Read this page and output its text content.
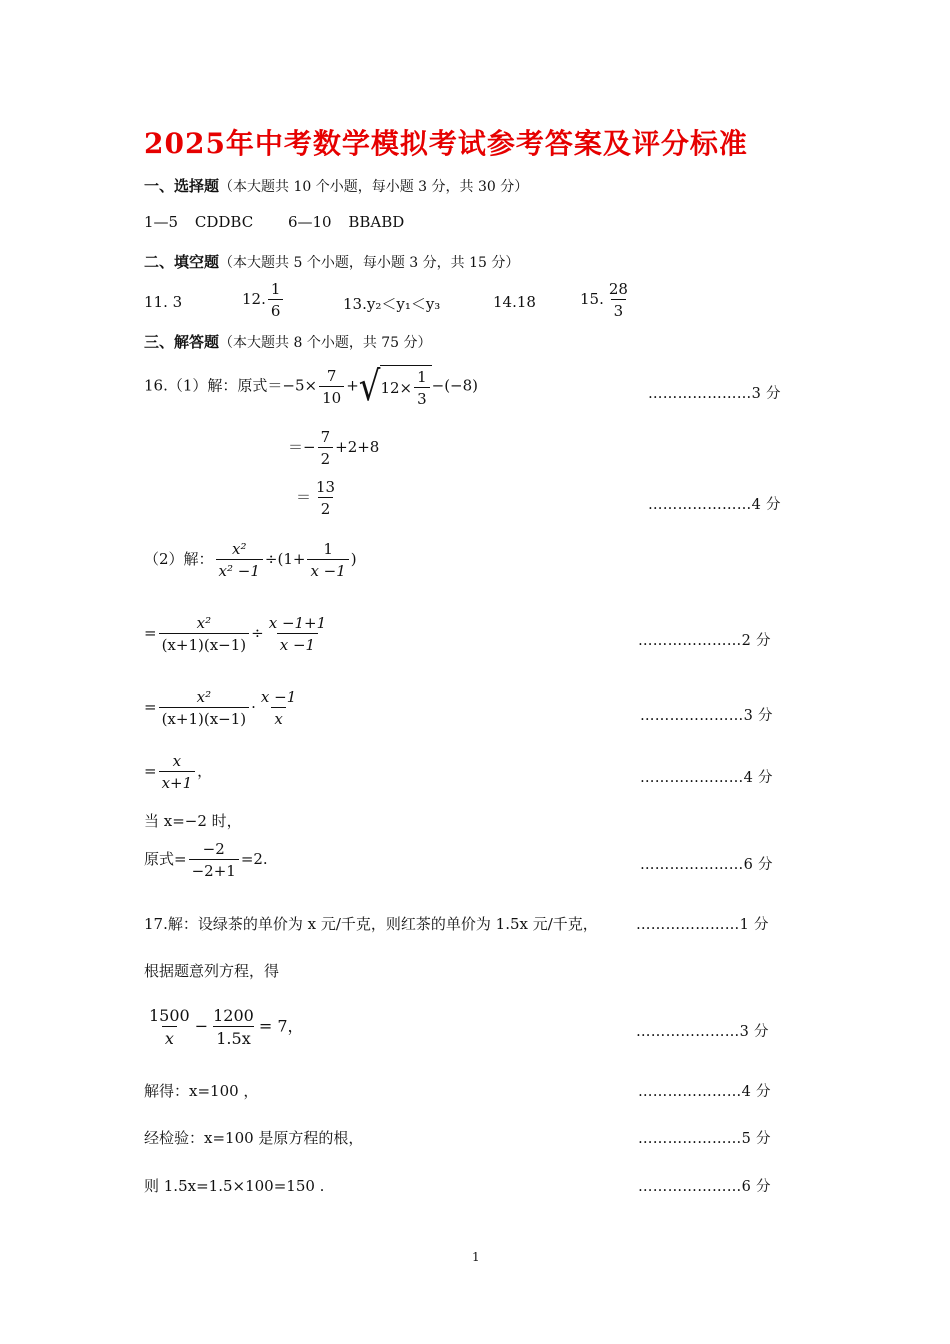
2025年中考数学模拟考试参考答案及评分标准
一、选择题（本大题共 10 个小题，每小题 3 分，共 30 分）
1—5 CDDBC 6—10 BBABD
二、填空题（本大题共 5 个小题，每小题 3 分，共 15 分）
11. 3	12. $\frac{1}{6}$	13.y₂＜y₁＜y₃	14.18	15. $\frac{28}{3}$
三、解答题（本大题共 8 个小题，共 75 分）
16.（1）解：原式$=-5\times \frac{7}{10}$ + √ $12\times \frac{1}{3} -(-8)$	…………………3 分
＝− $\frac{7}{2} +2+8$
＝ $\frac{13}{2}$	…………………4 分
（2）解： $\frac{\text{x²}}{\text{x² −1}} \div(1+ \frac{1}{x -1}$ )
= $\frac{\text{x²}}{(x+1)(x-1)} \div \frac{x -1+1}{x -1}$	…………………2 分
= $\frac{\text{x²}}{(x+1)(x-1)} \cdot \frac{x -1}{x}$	…………………3 分
= $\frac{x}{x+1}$ ，	…………………4 分
当 x=−2 时，
原式= $\frac{-2}{-2+1} =2$.	…………………6 分
17.解：设绿茶的单价为 x 元/千克，则红茶的单价为 1.5x 元/千克，	…………………1 分
根据题意列方程，得
$\frac{1500}{x} - \frac{1200}{1.5x} = 7$，	…………………3 分
解得：x=100 ，	…………………4 分
经检验：x=100 是原方程的根，	…………………5 分
则 1.5x=1.5×100=150 .	…………………6 分
1
